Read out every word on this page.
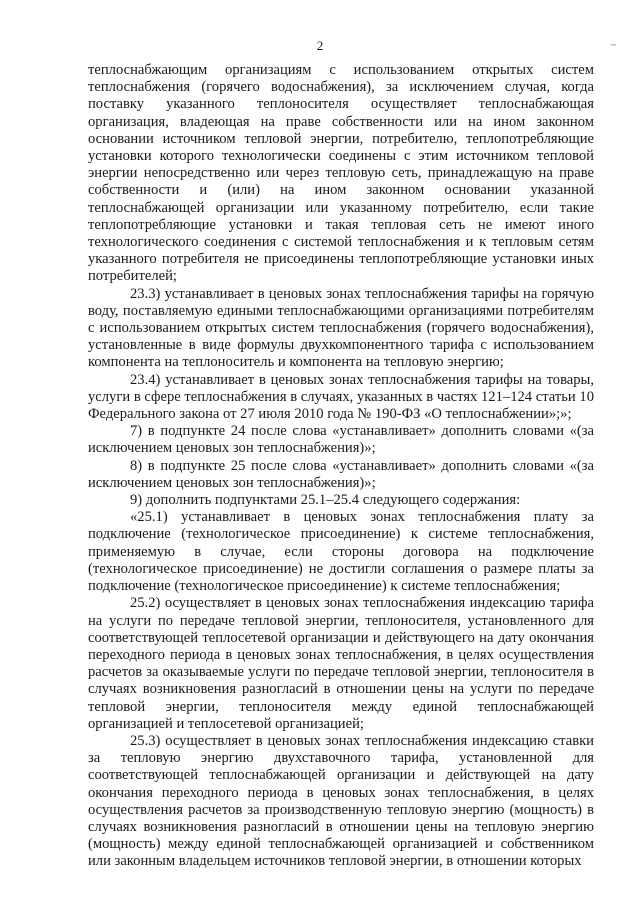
2	~

теплоснабжающим организациям с использованием открытых систем теплоснабжения (горячего водоснабжения), за исключением случая, когда поставку указанного теплоносителя осуществляет теплоснабжающая организация, владеющая на праве собственности или на ином законном основании источником тепловой энергии, потребителю, теплопотребляющие установки которого технологически соединены с этим источником тепловой энергии непосредственно или через тепловую сеть, принадлежащую на праве собственности и (или) на ином законном основании указанной теплоснабжающей организации или указанному потребителю, если такие теплопотребляющие установки и такая тепловая сеть не имеют иного технологического соединения с системой теплоснабжения и к тепловым сетям указанного потребителя не присоединены теплопотребляющие установки иных потребителей;

23.3) устанавливает в ценовых зонах теплоснабжения тарифы на горячую воду, поставляемую едиными теплоснабжающими организациями потребителям с использованием открытых систем теплоснабжения (горячего водоснабжения), установленные в виде формулы двухкомпонентного тарифа с использованием компонента на теплоноситель и компонента на тепловую энергию;

23.4) устанавливает в ценовых зонах теплоснабжения тарифы на товары, услуги в сфере теплоснабжения в случаях, указанных в частях 121–124 статьи 10 Федерального закона от 27 июля 2010 года № 190-ФЗ «О теплоснабжении»;»;

7) в подпункте 24 после слова «устанавливает» дополнить словами «(за исключением ценовых зон теплоснабжения)»;

8) в подпункте 25 после слова «устанавливает» дополнить словами «(за исключением ценовых зон теплоснабжения)»;

9) дополнить подпунктами 25.1–25.4 следующего содержания:

«25.1) устанавливает в ценовых зонах теплоснабжения плату за подключение (технологическое присоединение) к системе теплоснабжения, применяемую в случае, если стороны договора на подключение (технологическое присоединение) не достигли соглашения о размере платы за подключение (технологическое присоединение) к системе теплоснабжения;

25.2) осуществляет в ценовых зонах теплоснабжения индексацию тарифа на услуги по передаче тепловой энергии, теплоносителя, установленного для соответствующей теплосетевой организации и действующего на дату окончания переходного периода в ценовых зонах теплоснабжения, в целях осуществления расчетов за оказываемые услуги по передаче тепловой энергии, теплоносителя в случаях возникновения разногласий в отношении цены на услуги по передаче тепловой энергии, теплоносителя между единой теплоснабжающей организацией и теплосетевой организацией;

25.3) осуществляет в ценовых зонах теплоснабжения индексацию ставки за тепловую энергию двухставочного тарифа, установленной для соответствующей теплоснабжающей организации и действующей на дату окончания переходного периода в ценовых зонах теплоснабжения, в целях осуществления расчетов за производственную тепловую энергию (мощность) в случаях возникновения разногласий в отношении цены на тепловую энергию (мощность) между единой теплоснабжающей организацией и собственником или законным владельцем источников тепловой энергии, в отношении которых
